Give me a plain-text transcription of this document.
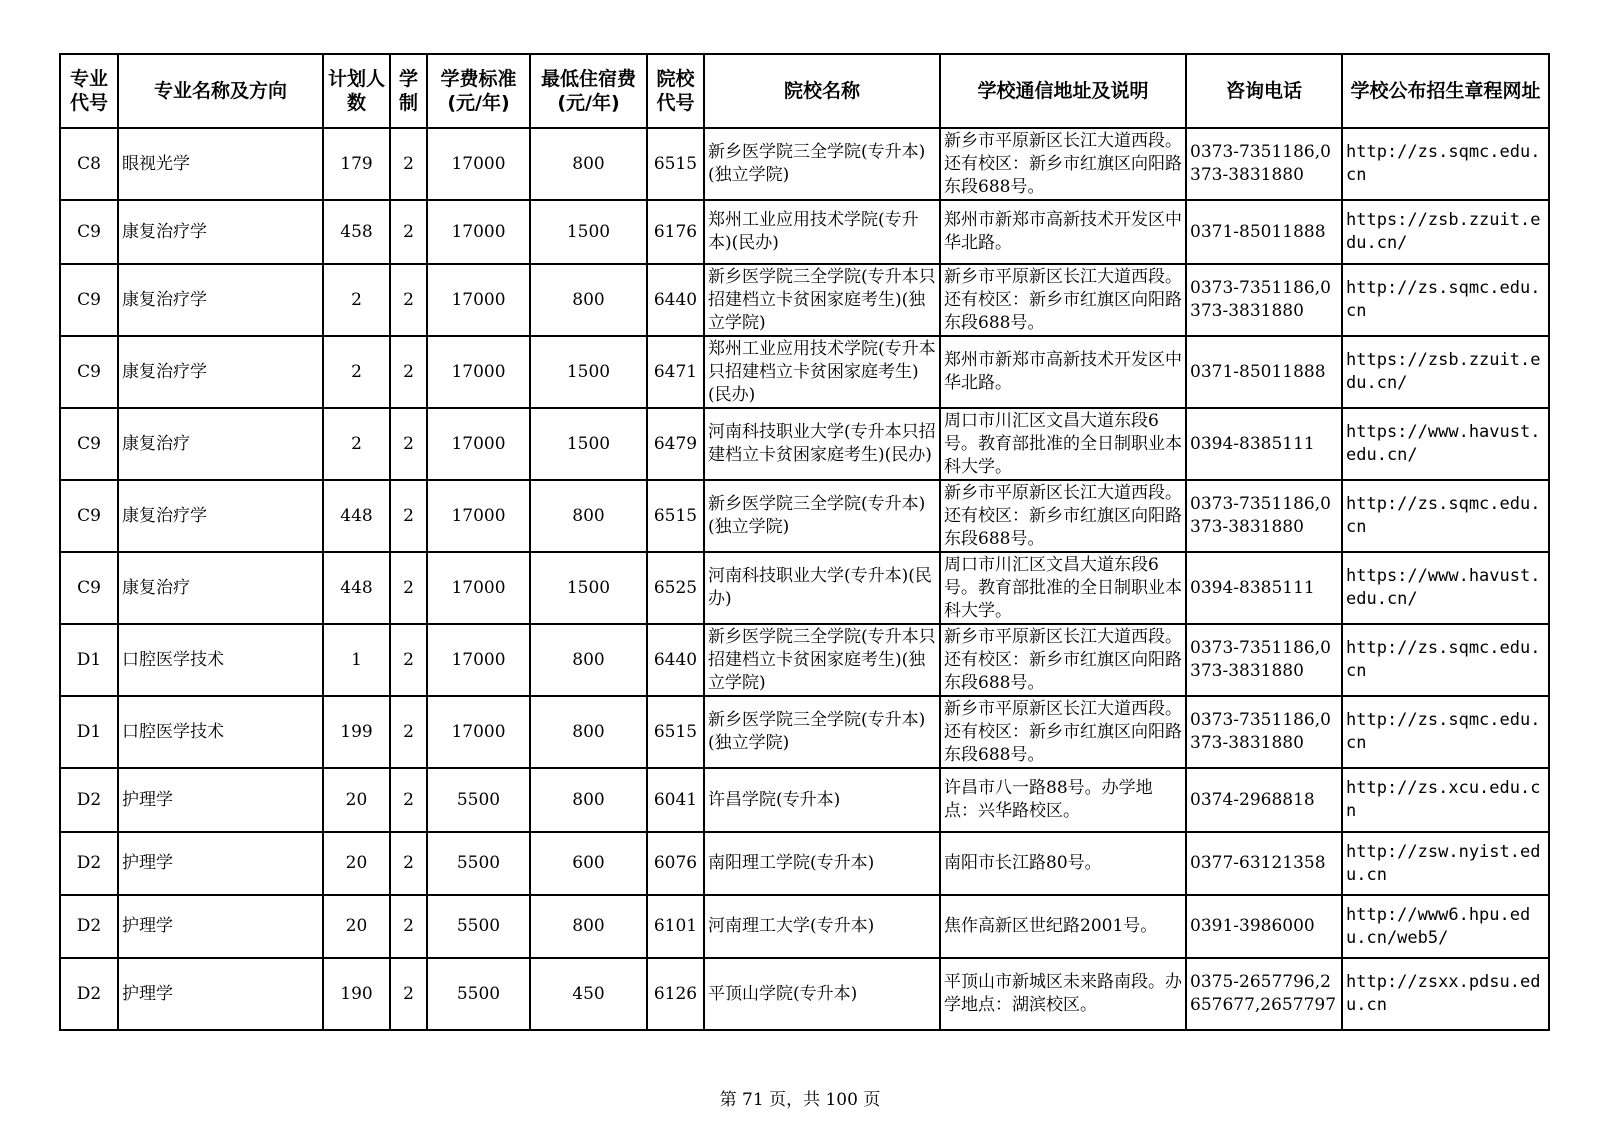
专业代号	专业名称及方向	计划人数	学制	学费标准(元/年)	最低住宿费(元/年)	院校代号	院校名称	学校通信地址及说明	咨询电话	学校公布招生章程网址
C8	眼视光学	179	2	17000	800	6515	新乡医学院三全学院(专升本)(独立学院)	新乡市平原新区长江大道西段。还有校区：新乡市红旗区向阳路东段688号。	0373-7351186,0373-3831880	http://zs.sqmc.edu.cn
C9	康复治疗学	458	2	17000	1500	6176	郑州工业应用技术学院(专升本)(民办)	郑州市新郑市高新技术开发区中华北路。	0371-85011888	https://zsb.zzuit.edu.cn/
C9	康复治疗学	2	2	17000	800	6440	新乡医学院三全学院(专升本只招建档立卡贫困家庭考生)(独立学院)	新乡市平原新区长江大道西段。还有校区：新乡市红旗区向阳路东段688号。	0373-7351186,0373-3831880	http://zs.sqmc.edu.cn
C9	康复治疗学	2	2	17000	1500	6471	郑州工业应用技术学院(专升本只招建档立卡贫困家庭考生)(民办)	郑州市新郑市高新技术开发区中华北路。	0371-85011888	https://zsb.zzuit.edu.cn/
C9	康复治疗	2	2	17000	1500	6479	河南科技职业大学(专升本只招建档立卡贫困家庭考生)(民办)	周口市川汇区文昌大道东段6号。教育部批准的全日制职业本科大学。	0394-8385111	https://www.havust.edu.cn/
C9	康复治疗学	448	2	17000	800	6515	新乡医学院三全学院(专升本)(独立学院)	新乡市平原新区长江大道西段。还有校区：新乡市红旗区向阳路东段688号。	0373-7351186,0373-3831880	http://zs.sqmc.edu.cn
C9	康复治疗	448	2	17000	1500	6525	河南科技职业大学(专升本)(民办)	周口市川汇区文昌大道东段6号。教育部批准的全日制职业本科大学。	0394-8385111	https://www.havust.edu.cn/
D1	口腔医学技术	1	2	17000	800	6440	新乡医学院三全学院(专升本只招建档立卡贫困家庭考生)(独立学院)	新乡市平原新区长江大道西段。还有校区：新乡市红旗区向阳路东段688号。	0373-7351186,0373-3831880	http://zs.sqmc.edu.cn
D1	口腔医学技术	199	2	17000	800	6515	新乡医学院三全学院(专升本)(独立学院)	新乡市平原新区长江大道西段。还有校区：新乡市红旗区向阳路东段688号。	0373-7351186,0373-3831880	http://zs.sqmc.edu.cn
D2	护理学	20	2	5500	800	6041	许昌学院(专升本)	许昌市八一路88号。办学地点：兴华路校区。	0374-2968818	http://zs.xcu.edu.cn
D2	护理学	20	2	5500	600	6076	南阳理工学院(专升本)	南阳市长江路80号。	0377-63121358	http://zsw.nyist.edu.cn
D2	护理学	20	2	5500	800	6101	河南理工大学(专升本)	焦作高新区世纪路2001号。	0391-3986000	http://www6.hpu.edu.cn/web5/
D2	护理学	190	2	5500	450	6126	平顶山学院(专升本)	平顶山市新城区未来路南段。办学地点：湖滨校区。	0375-2657796,2657677,2657797	http://zsxx.pdsu.edu.cn
第 71 页，共 100 页
